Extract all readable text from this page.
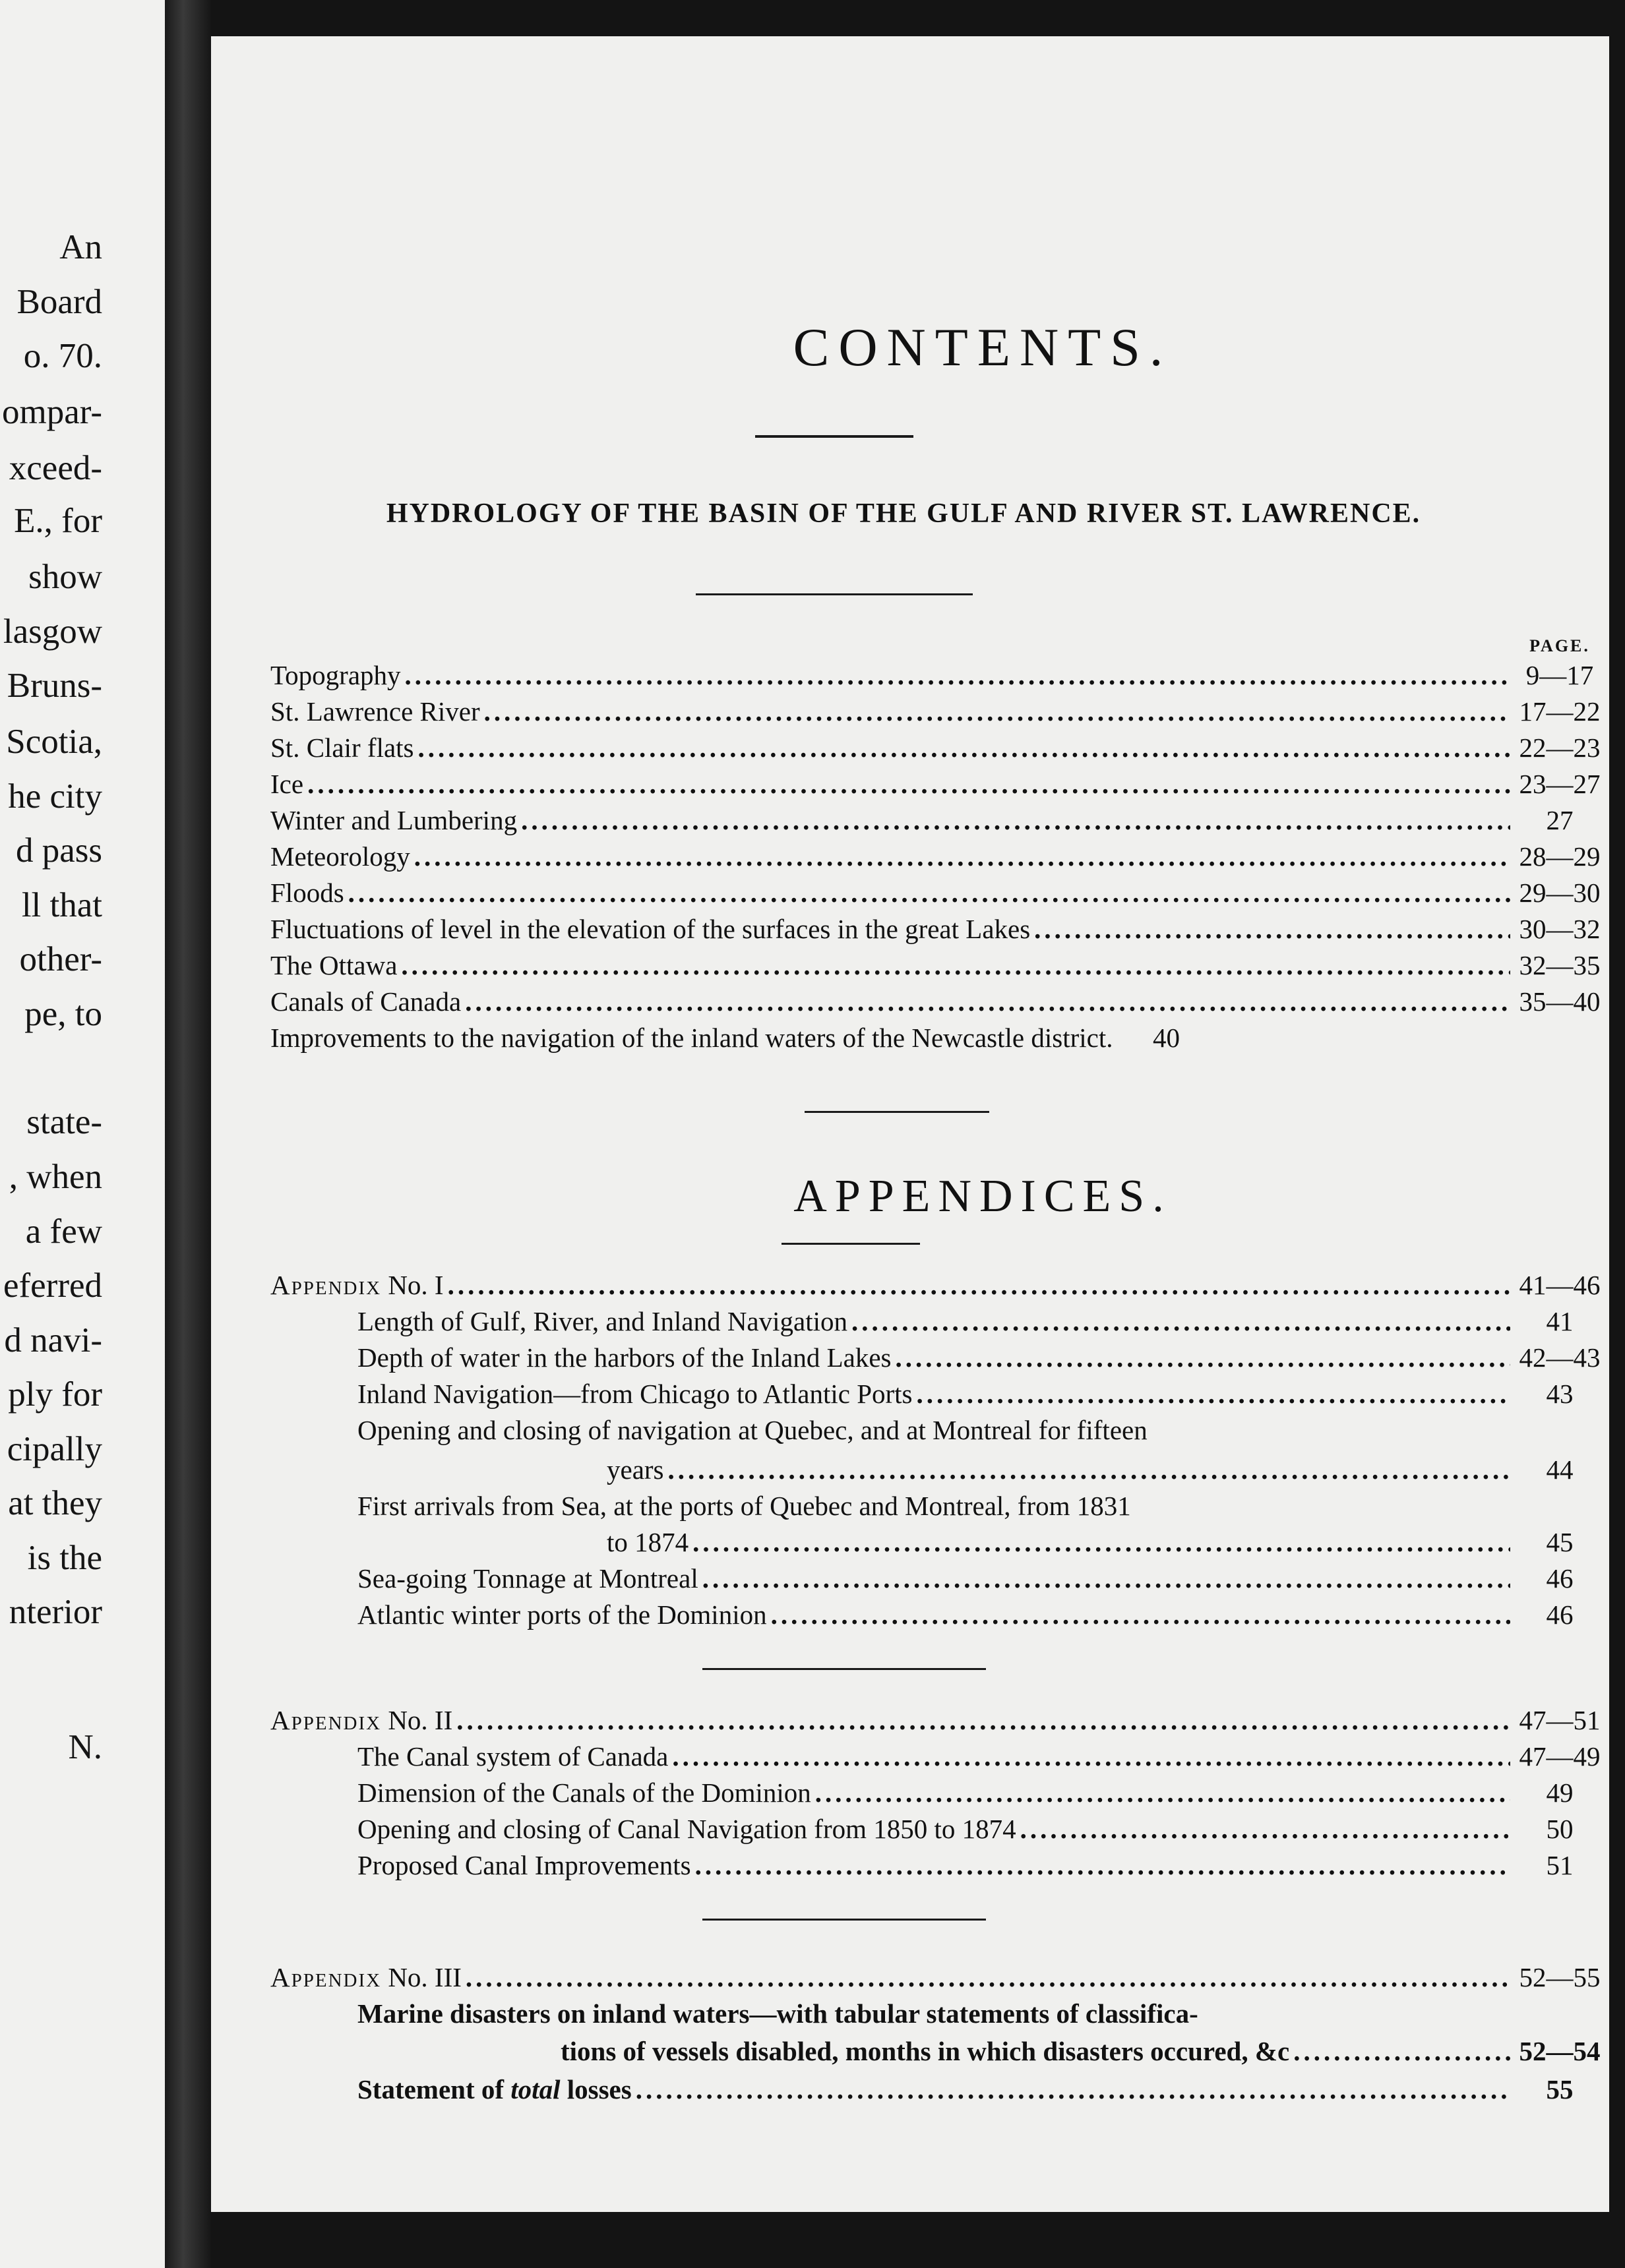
An
Board
o. 70.
ompar-
xceed-
E., for
show
lasgow
Bruns-
Scotia,
he city
d pass
ll that
other-
pe, to
state-
, when
a few
eferred
d navi-
ply for
cipally
at they
is the
nterior
N.
CONTENTS.
HYDROLOGY OF THE BASIN OF THE GULF AND RIVER ST. LAWRENCE.
PAGE.
Topography .....	9—17
St. Lawrence River .....	17—22
St. Clair flats .....	22—23
Ice .....	23—27
Winter and Lumbering .....	27
Meteorology .....	28—29
Floods .....	29—30
Fluctuations of level in the elevation of the surfaces in the great Lakes .....	30—32
The Ottawa .....	32—35
Canals of Canada .....	35—40
Improvements to the navigation of the inland waters of the Newcastle district.	40
APPENDICES.
Appendix No. I .....	41—46
Length of Gulf, River, and Inland Navigation .....	41
Depth of water in the harbors of the Inland Lakes .....	42—43
Inland Navigation—from Chicago to Atlantic Ports .....	43
Opening and closing of navigation at Quebec, and at Montreal for fifteen
years .....	44
First arrivals from Sea, at the ports of Quebec and Montreal, from 1831
to 1874 .....	45
Sea-going Tonnage at Montreal .....	46
Atlantic winter ports of the Dominion .....	46
Appendix No. II .....	47—51
The Canal system of Canada .....	47—49
Dimension of the Canals of the Dominion .....	49
Opening and closing of Canal Navigation from 1850 to 1874 .....	50
Proposed Canal Improvements .....	51
Appendix No. III .....	52—55
Marine disasters on inland waters—with tabular statements of classifica-
tions of vessels disabled, months in which disasters occured, &c .....	52—54
Statement of total losses .....	55
